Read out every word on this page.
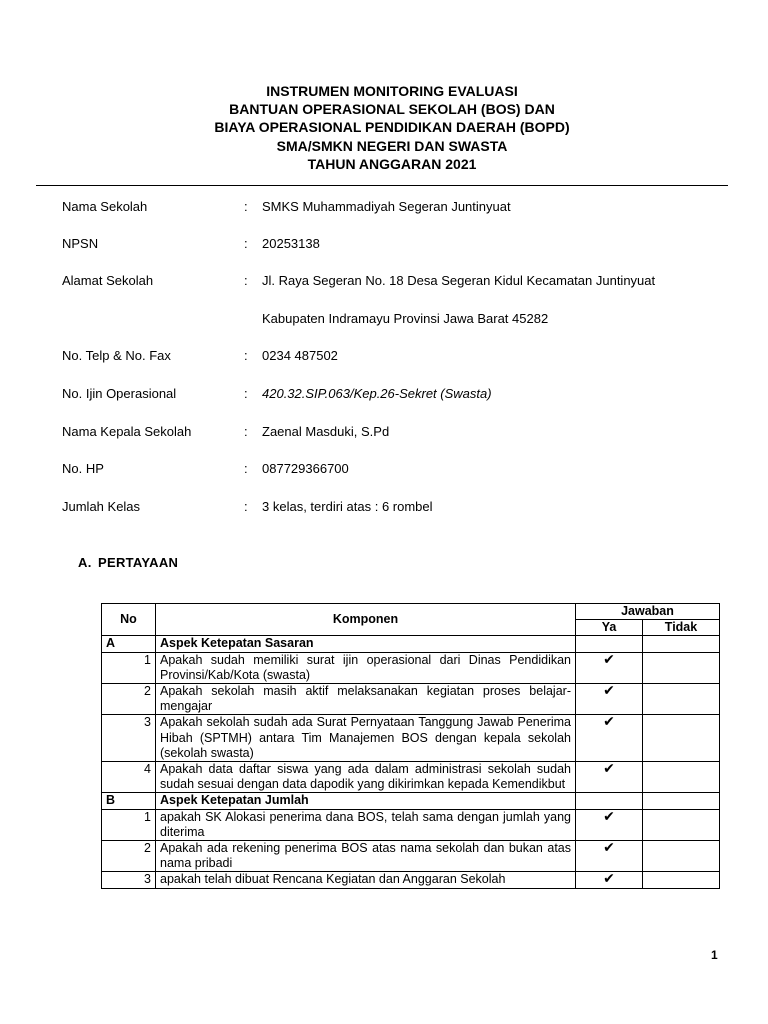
INSTRUMEN MONITORING EVALUASI
BANTUAN OPERASIONAL SEKOLAH (BOS) DAN
BIAYA OPERASIONAL PENDIDIKAN DAERAH (BOPD)
SMA/SMKN NEGERI DAN SWASTA
TAHUN ANGGARAN 2021
Nama Sekolah	: SMKS Muhammadiyah Segeran Juntinyuat
NPSN	: 20253138
Alamat Sekolah	: Jl. Raya Segeran No. 18 Desa Segeran Kidul Kecamatan Juntinyuat
Kabupaten Indramayu Provinsi Jawa Barat 45282
No. Telp & No. Fax	: 0234 487502
No. Ijin Operasional	: 420.32.SIP.063/Kep.26-Sekret (Swasta)
Nama Kepala Sekolah	: Zaenal Masduki, S.Pd
No. HP	: 087729366700
Jumlah Kelas	: 3 kelas, terdiri atas : 6 rombel
A. PERTAYAAN
No	Komponen	Jawaban	
		Ya	Tidak
A	Aspek Ketepatan Sasaran		
1	Apakah sudah memiliki surat ijin operasional dari Dinas Pendidikan Provinsi/Kab/Kota (swasta)	✔	
2	Apakah sekolah masih aktif melaksanakan kegiatan proses belajar-mengajar	✔	
3	Apakah sekolah sudah ada Surat Pernyataan Tanggung Jawab Penerima Hibah (SPTMH) antara Tim Manajemen BOS dengan kepala sekolah (sekolah swasta)	✔	
4	Apakah data daftar siswa yang ada dalam administrasi sekolah sudah sudah sesuai dengan data dapodik yang dikirimkan kepada Kemendikbut	✔	
B	Aspek Ketepatan Jumlah		
1	apakah SK Alokasi penerima dana BOS, telah sama dengan jumlah yang diterima	✔	
2	Apakah ada rekening penerima BOS atas nama sekolah dan bukan atas nama pribadi	✔	
3	apakah telah dibuat Rencana Kegiatan dan Anggaran Sekolah	✔	
1
